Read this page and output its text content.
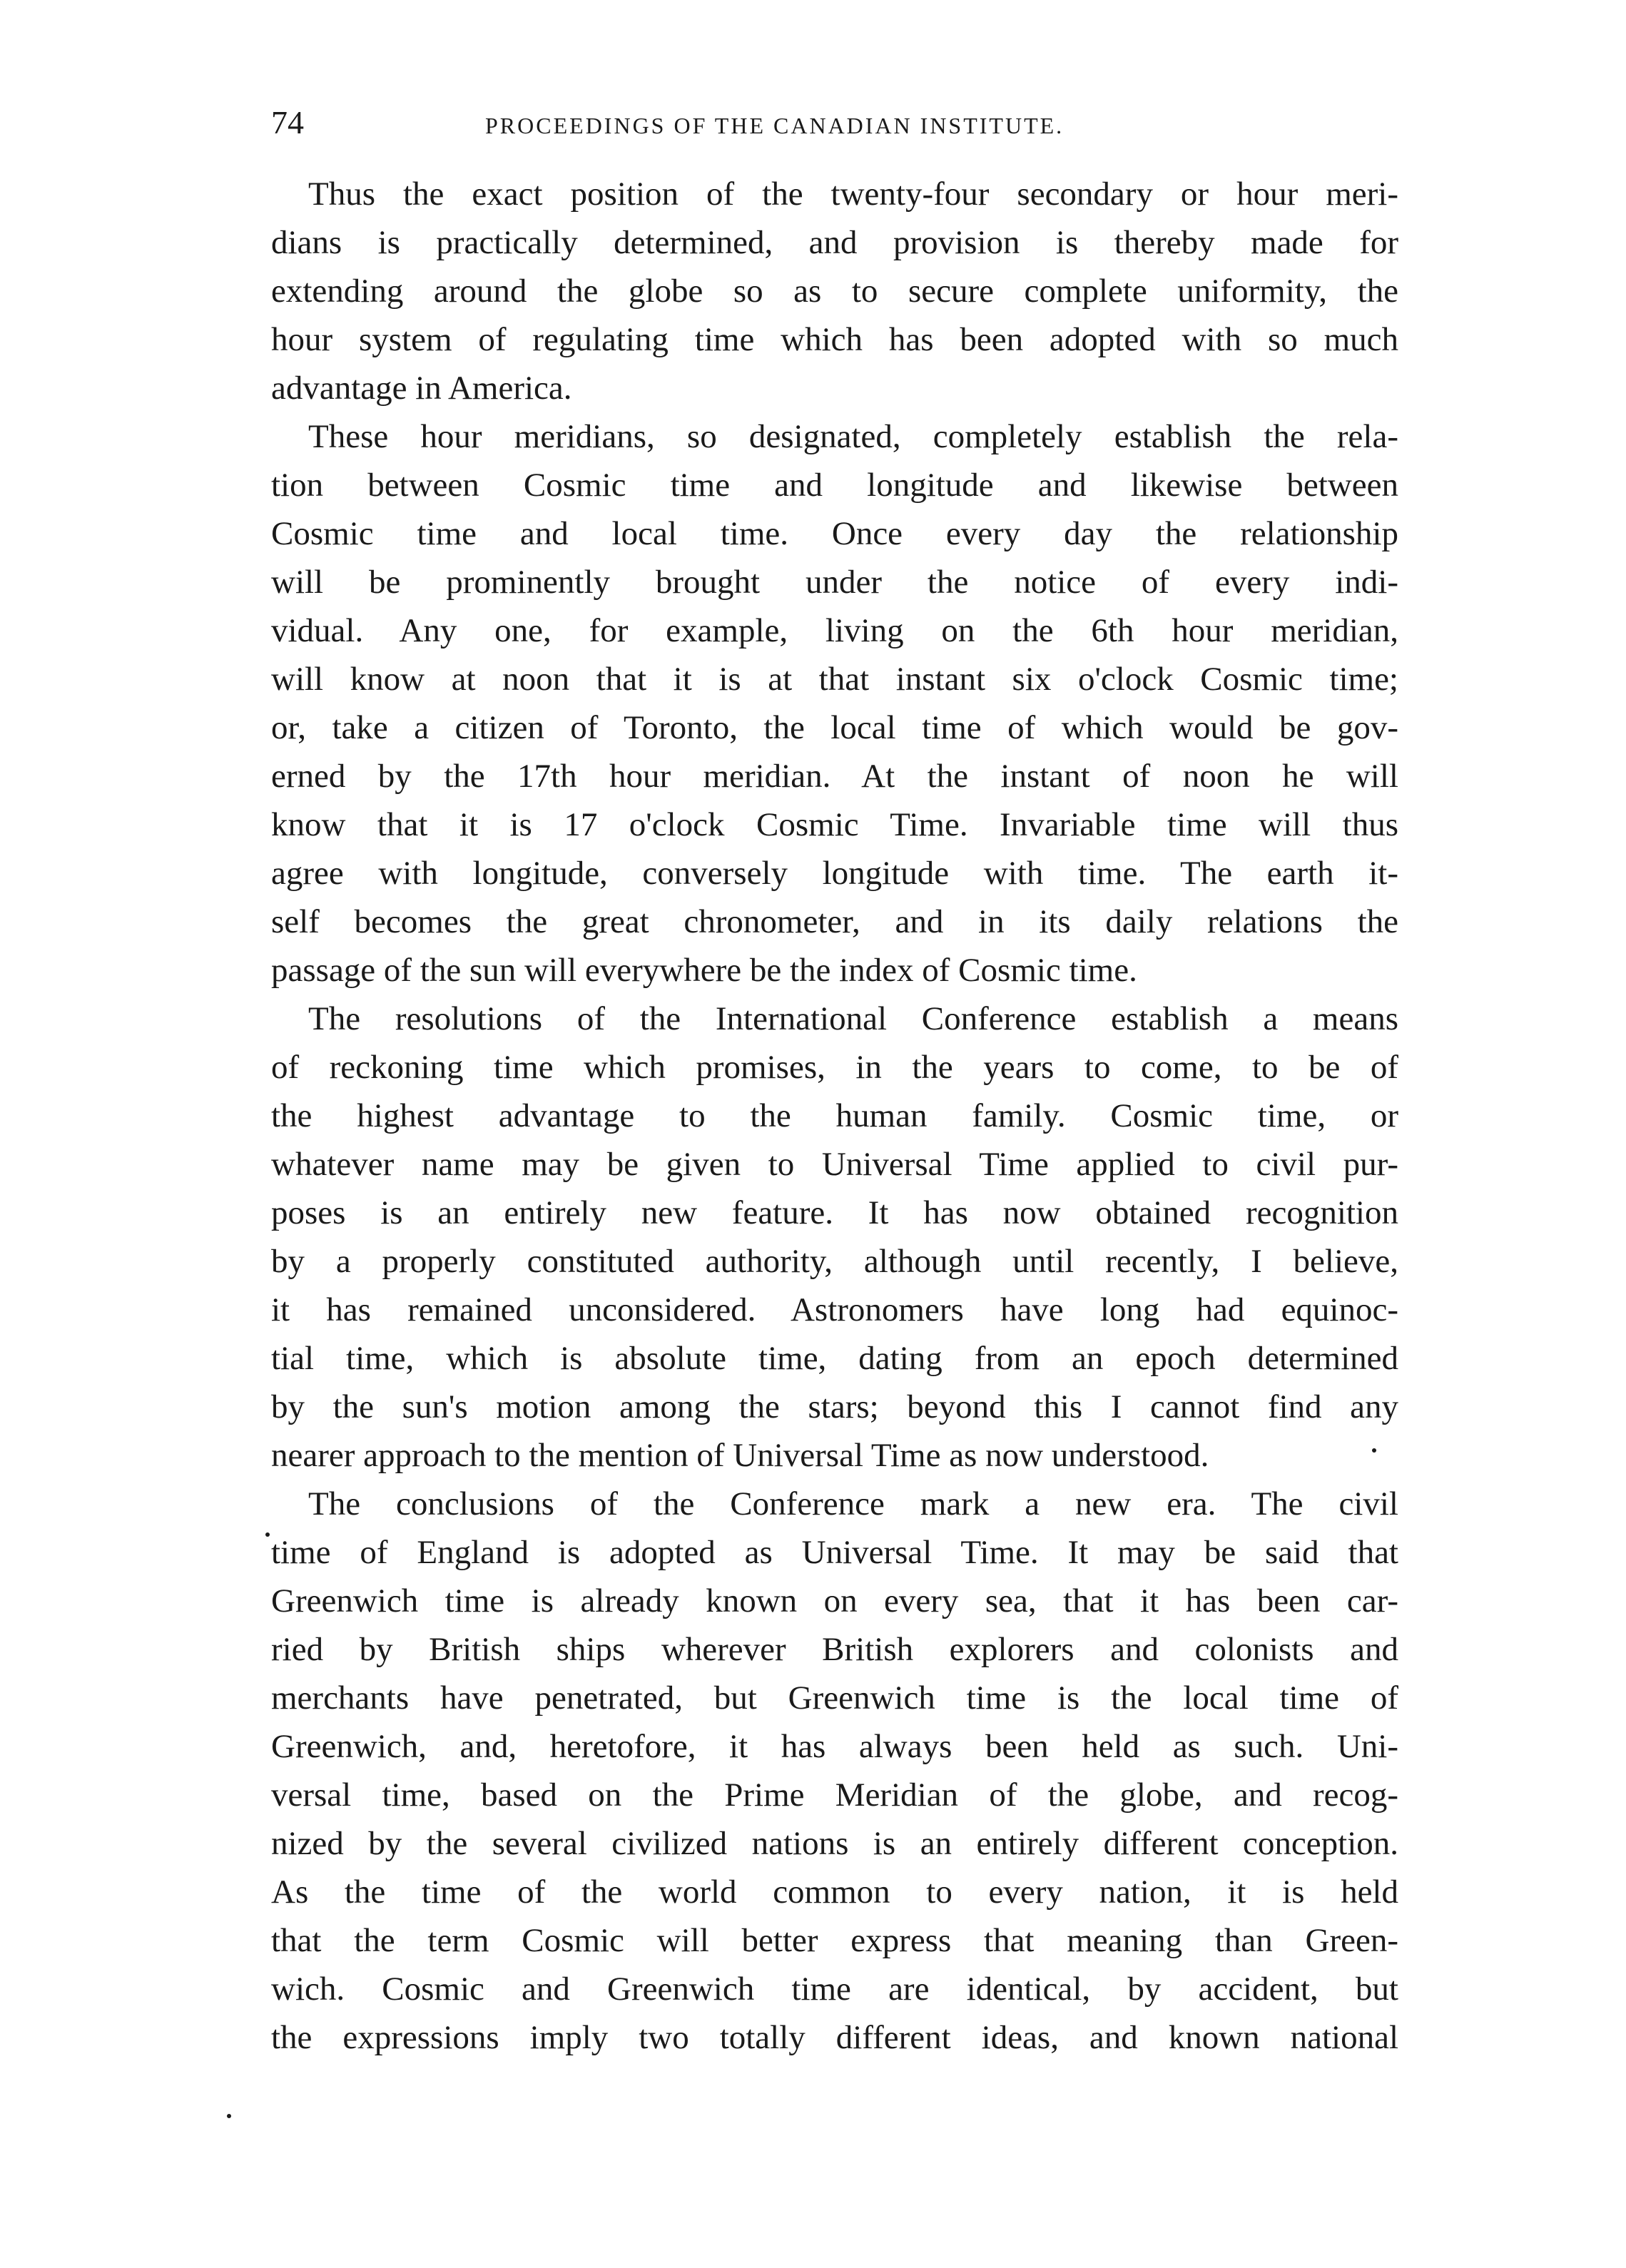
74	PROCEEDINGS OF THE CANADIAN INSTITUTE.
Thus the exact position of the twenty-four secondary or hour meri-
dians is practically determined, and provision is thereby made for
extending around the globe so as to secure complete uniformity, the
hour system of regulating time which has been adopted with so much
advantage in America.
These hour meridians, so designated, completely establish the rela-
tion between Cosmic time and longitude and likewise between
Cosmic time and local time. Once every day the relationship
will be prominently brought under the notice of every indi-
vidual. Any one, for example, living on the 6th hour meridian,
will know at noon that it is at that instant six o'clock Cosmic time;
or, take a citizen of Toronto, the local time of which would be gov-
erned by the 17th hour meridian. At the instant of noon he will
know that it is 17 o'clock Cosmic Time. Invariable time will thus
agree with longitude, conversely longitude with time. The earth it-
self becomes the great chronometer, and in its daily relations the
passage of the sun will everywhere be the index of Cosmic time.
The resolutions of the International Conference establish a means
of reckoning time which promises, in the years to come, to be of
the highest advantage to the human family. Cosmic time, or
whatever name may be given to Universal Time applied to civil pur-
poses is an entirely new feature. It has now obtained recognition
by a properly constituted authority, although until recently, I believe,
it has remained unconsidered. Astronomers have long had equinoc-
tial time, which is absolute time, dating from an epoch determined
by the sun's motion among the stars; beyond this I cannot find any
nearer approach to the mention of Universal Time as now understood.
The conclusions of the Conference mark a new era. The civil
time of England is adopted as Universal Time. It may be said that
Greenwich time is already known on every sea, that it has been car-
ried by British ships wherever British explorers and colonists and
merchants have penetrated, but Greenwich time is the local time of
Greenwich, and, heretofore, it has always been held as such. Uni-
versal time, based on the Prime Meridian of the globe, and recog-
nized by the several civilized nations is an entirely different conception.
As the time of the world common to every nation, it is held
that the term Cosmic will better express that meaning than Green-
wich. Cosmic and Greenwich time are identical, by accident, but
the expressions imply two totally different ideas, and known national
